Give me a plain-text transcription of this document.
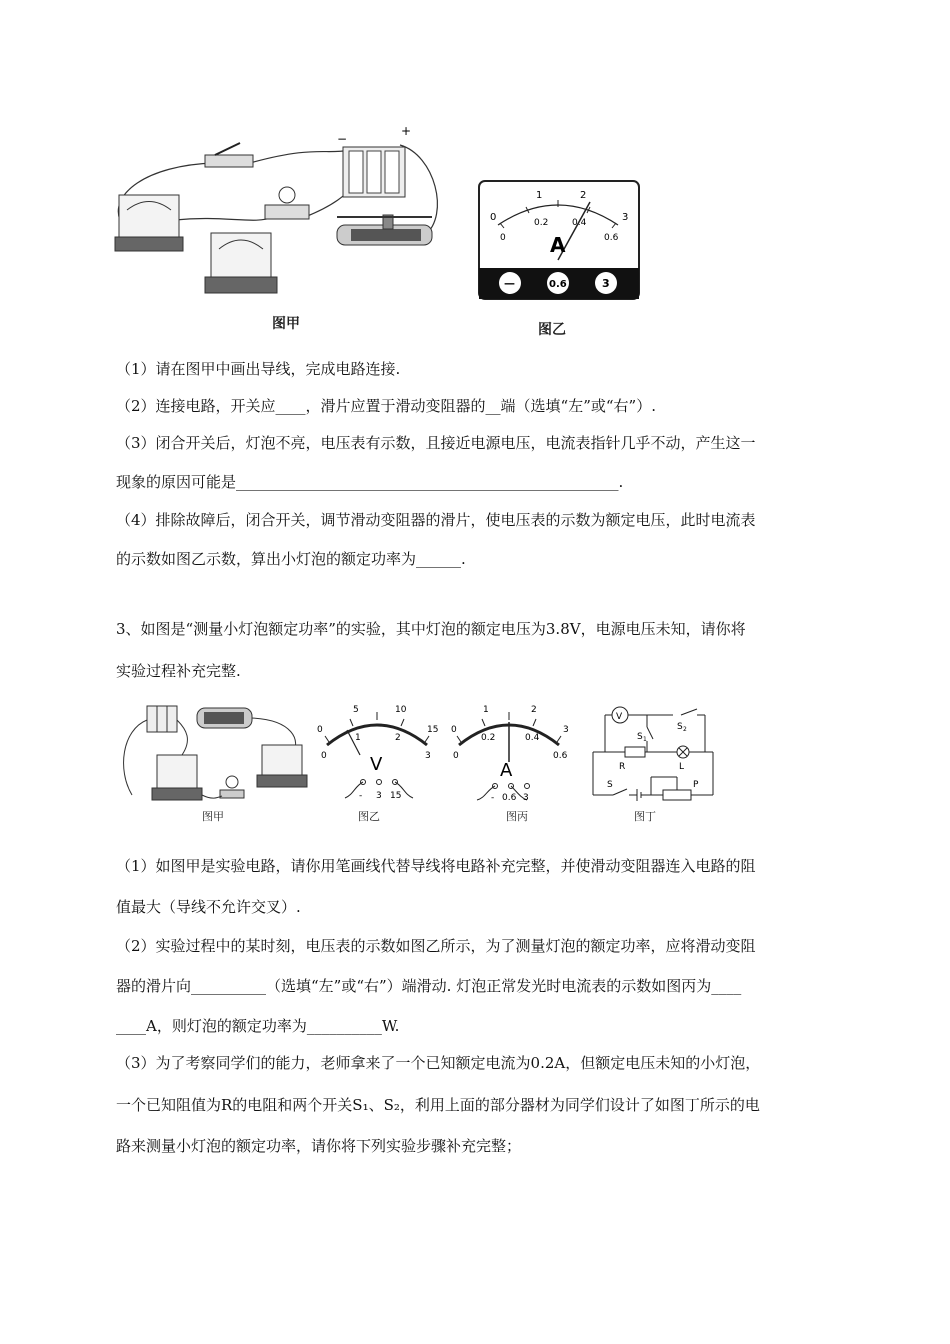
−
+
图甲
0
1	2
3
0
0.2	0.4
0.6
A
—	0.6	3
图乙
（1）请在图甲中画出导线，完成电路连接.
（2）连接电路，开关应____，滑片应置于滑动变阻器的__端（选填“左”或“右”）.
（3）闭合开关后，灯泡不亮，电压表有示数，且接近电源电压，电流表指针几乎不动，产生这一
现象的原因可能是___________________________________________________.
（4）排除故障后，闭合开关，调节滑动变阻器的滑片，使电压表的示数为额定电压，此时电流表
的示数如图乙示数，算出小灯泡的额定功率为______.
3、如图是“测量小灯泡额定功率”的实验，其中灯泡的额定电压为3.8V，电源电压未知，请你将
实验过程补充完整.
图甲
0
5	10
15
0
1	2
3
V
- 3 15
图乙
0
1	2
3
0
0.2	0.4
0.6
A
- 0.6 3
图丙
V
S 1
S 2
R	L
S	P
图丁
（1）如图甲是实验电路，请你用笔画线代替导线将电路补充完整，并使滑动变阻器连入电路的阻
值最大（导线不允许交叉）.
（2）实验过程中的某时刻，电压表的示数如图乙所示，为了测量灯泡的额定功率，应将滑动变阻
器的滑片向__________（选填“左”或“右”）端滑动. 灯泡正常发光时电流表的示数如图丙为____
____A，则灯泡的额定功率为__________W.
（3）为了考察同学们的能力，老师拿来了一个已知额定电流为0.2A，但额定电压未知的小灯泡，
一个已知阻值为R的电阻和两个开关S₁、S₂，利用上面的部分器材为同学们设计了如图丁所示的电
路来测量小灯泡的额定功率，请你将下列实验步骤补充完整；
